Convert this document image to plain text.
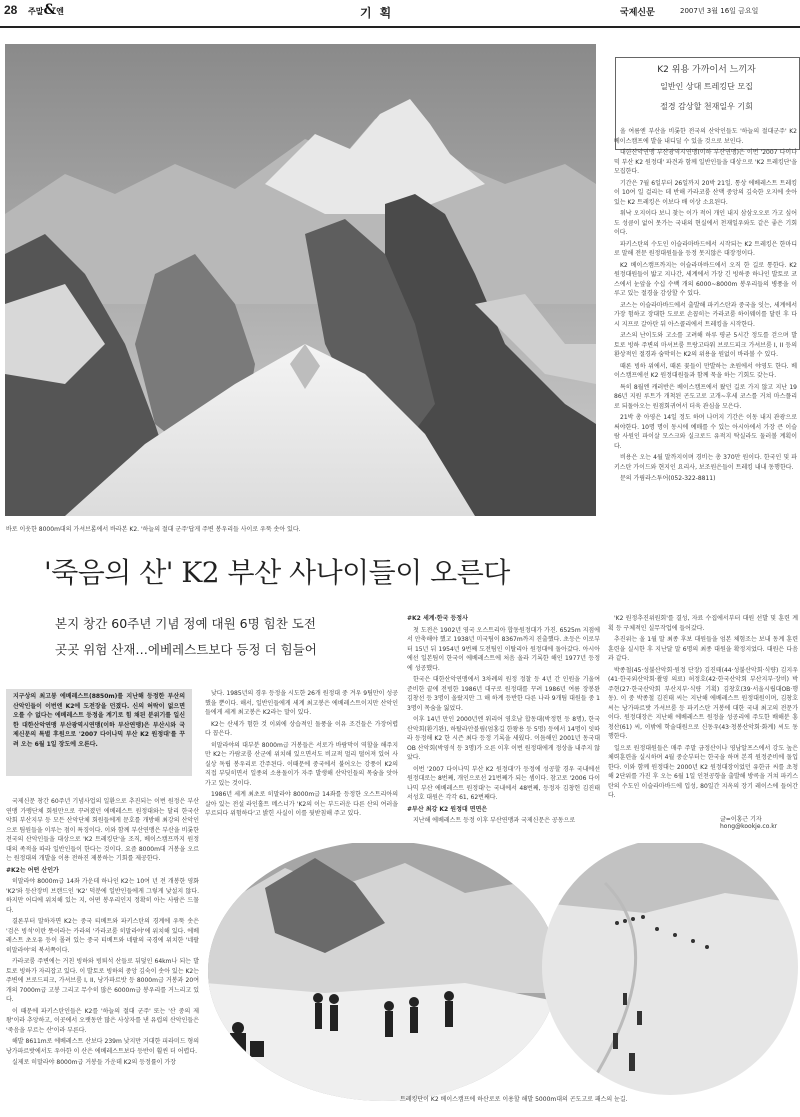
28 주말&엔	기획	국제신문	2007년 3월 16일 금요일
바로 이웃한 8000m대의 가셔브롬에서 바라본 K2. '하늘의 절대 군주'답게 주변 봉우리들 사이로 우뚝 솟아 있다.
K2 위용 가까이서 느끼자
일반인 상대 트레킹단 모집
절경 감상할 천재일우 기회

올 여름엔 부산을 비롯한 전국의 산악인들도 '하늘의 절대군주' K2 베이스캠프에 발을 내디딜 수 있을 것으로 보인다.

대한산악연맹 부산광역시연맹(이하 부산연맹)은 이번 '2007 다이나믹 부산 K2 원정대' 파견과 함께 일반인들을 대상으로 'K2 트레킹단'을 모집한다.

기간은 7월 6일부터 26일까지 20박 21일. 통상 에베레스트 트레킹이 10여 일 걸리는 데 반해 카라코룸 산맥 중앙의 깊숙한 오지에 솟아 있는 K2 트레킹은 이보다 배 이상 소요된다.

워낙 오지이다 보니 찾는 이가 적어 개인 내지 삼삼오오로 가고 싶어도 성큼이 없어 못가는 국내의 현실에서 천재일우와도 같은 좋은 기회이다.

파키스탄의 수도인 이슬라마바드에서 시작되는 K2 트레킹은 한마디로 말해 전문 원정대원들을 등정 못지않은 대장정이다.

K2 베이스캠프까지는 이슬라마바드에서 오직 한 길로 통한다. K2 원정대원들이 밟고 지나간, 세계에서 가장 긴 빙하중 하나인 발토로 코스에서 눈앞을 수십 수백 개의 6000~8000m 봉우리들의 병풍을 이루고 있는 절경을 감상할 수 있다.

코스는 이슬라마바드에서 출발해 파키스탄과 중국을 잇는, 세계에서 가장 험하고 장대한 도로로 손꼽히는 카라코룸 하이웨이를 달린 후 다시 지프로 갈아탄 뒤 아스콜리에서 트레킹을 시작한다.

코스의 난이도와 고소를 고려해 하루 평균 5시간 정도를 걷으며 발토로 빙하 주변의 마셔브룸 트랑고타워 브로드피크 가셔브룸 I, II 등의 환상적인 절경과 숨막히는 K2의 위용을 원없이 바라볼 수 있다.

때론 빙하 위에서, 때론 꽃들이 만발하는 초원에서 야영도 한다. 베이스캠프에선 K2 원정대원들과 함께 묵을 하는 기회도 갖는다.

특히 8월엔 캐러반은 베이스캠프에서 왔던 길로 가지 않고 지난 1986년 지원 루트가 개척된 곤도고로 고개~후세 코스를 거쳐 마스플리로 되돌아오는 원점회귀여서 더욱 관심을 모은다.

21박 총 아영은 14일 정도 하며 나머지 기간은 이동 내지 관광으로 써야한다. 10명 명이 동시에 예매를 수 있는 아시아에서 가장 큰 이슬람 사원인 파이살 모스크와 실크로드 유적지 탁실라도 둘러볼 계획이다.

비용은 오는 4월 말까지이며 경비는 총 370만 원이다. 한국인 및 파키스탄 가이드와 현지인 요리사, 보조원은들이 트레킹 내내 동행한다.

문의 가림라스투어(052-322-8811)

'죽음의 산' K2 부산 사나이들이 오른다
본지 창간 60주년 기념 정예 대원 6명 힘찬 도전
곳곳 위험 산재…에베레스트보다 등정 더 힘들어
지구상의 최고봉 에베레스트(8850m)를 지난해 등정한 부산의 산악인들이 이번엔 K2에 도전장을 던졌다. 신의 허락이 없으면 오를 수 없다는 에베레스트 등정을 계기로 힘 채된 분위기를 일신한 대한산악연맹 부산광역시연맹(이하 부산연맹)은 부산시와 국제신문의 특별 후원으로 '2007 다이나믹 부산 K2 원정대'를 꾸려 오는 6월 1일 장도에 오른다.

국제신문 창간 60주년 기념사업의 일환으로 추진되는 이번 원정은 부산연맹 가맹단체 회원만으로 꾸려졌던 에베레스트 원정대와는 달리 한국산악회 부산지부 등 모든 산악단체 회원들에게 문호를 개방해 최강의 산악인으로 팀원들을 이루는 점이 특징이다. 이와 함께 부산연맹은 부산을 비롯한 전국의 산악인들을 대상으로 'K2 트레킹단'을 조직, 베이스캠프까지 원정대의 족적을 따라 일반인들이 한다는 것이다. 요즘 8000m대 거봉을 오르는 원정대의 개발을 이용 전하진 제봉하는 기회를 제공한다.

#K2는 어떤 산인가

히말라야 8000m급 14좌 가운데 하나인 K2는 10여 년 전 개봉한 영화 'K2'와 등산장비 브랜드인 'K2' 덕분에 일반인들에게 그렇게 낯설지 않다. 하지만 어디에 위치해 있는 지, 어떤 봉우리인지 정확히 아는 사람은 드물다.

결론부터 말하자면 K2는 중국 티베트와 파키스탄의 경계에 우뚝 솟은 '검은 빙석'이란 뜻이라는 카라의 '카라코룸 히말라야'에 위치해 있다. 에베레스트 초오유 등이 몰려 있는 중국 티베트와 네팔의 국경에 위치한 '네팔 히말라야'의 북서쪽이다.

카라코룸 주변에는 거친 빙하와 빙퇴석 산들로 뒤덮인 64km나 되는 발토로 빙하가 자리잡고 있다. 이 발토로 빙하의 중앙 깊숙이 솟아 있는 K2는 주변에 브로드피크, 가셔브룸 I, II, 낭가파르밧 등 8000m급 거봉과 20여 개의 7000m급 고봉 그리고 무수히 많은 6000m급 봉우리를 거느리고 있다.

이 때문에 파키스탄인들은 K2를 '하늘의 절대 군주' 또는 '산 중의 제왕'이라 추앙하고, 이곳에서 오랫동안 많은 사상자를 낸 유럽의 산악인들은 '죽음을 부르는 산'이라 부른다.

해발 8611m로 에베레스트 산보다 239m 낮지만 거대한 피라미드 형의 낭가파르밧에서도 우아한 이 산은 에베레스트보다 등반이 훨씬 더 어렵다.

실제로 히말라야 8000m급 거봉들 가운데 K2의 등정률이 가장

낮다. 1985년의 경우 등정을 시도한 26개 원정대 중 겨우 9팀만이 성공했을 뿐이다. 해서, 일반인들에게 세계 최고봉은 에베레스트이지만 산악인들에게 세계 최고봉은 K2라는 말이 있다.

K2는 산세가 험한 것 이외에 상습적인 돌풍을 이유 조건들은 가장어렵다 꼽은다.

히말라야의 대부분 8000m급 거봉들은 서로가 바람막이 역할을 해주지만 K2는 카람코룸 산군에 위치해 있으면서도 비교적 멀리 떨어져 있어 사실상 독립 봉우리로 간주된다. 이때문에 중국에서 불어오는 강풍이 K2의 직접 부딪히면서 일종의 소용돌이가 자주 발생해 산악인들의 목숨을 앗아가고 있는 것이다.

1986년 세계 최초로 히말라야 8000m급 14좌를 등정한 오스트리아의 살아 있는 전설 라인홀트 메스너가 'K2의 이는 부드러운 다른 산의 여러을 부르되다 위험하다'고 밝힌 사실이 이를 뒷받침해 주고 있다.

#K2 세계·한국 등정사

첫 도전은 1902년 영국 오스트리아 합동원정대가 가진. 6525m 지점에서 안축해야 했고 1938년 미국팀이 8367m까지 진출했다. 초등은 이로부터 15년 뒤 1954년 9번째 도전팀인 이탈리아 원정대에 돌아갔다. 아시아에선 일본팀이 한국이 에베레스트에 처음 올라 기록한 해인 1977년 등정에 성공했다.

한국은 대한산악연맹에서 3차례의 원정 정찰 등 4년 간 인원을 기울여 준비한 끝에 전빙한 1986년 대구로 원정대를 꾸려 1986년 여름 장봉완 김창선 등 3명이 올랐지만 그 해 하계 등반한 다른 나라 9개팀 대원들 중 13명이 목숨을 잃었다.

이후 14년 만인 2000년엔 워리어 영호남 합동대(박정헌 등 8명), 한국산악회(환기완), 하탈라안블림(엄홍길 한왕용 등 5명) 등에서 14명이 잇따라 등정해 K2 한 시즌 최다 등정 기록을 세웠다. 이듬해인 2001년 동국대OB 산악회(박영석 등 3명)가 오른 이후 이번 원정대에게 정상을 내주지 않았다.

이번 '2007 다이나믹 부산 K2 원정대'가 등정에 성공할 경우 국내에선 원정대로는 8번째, 개인으로선 21번째가 되는 셈이다. 참고로 '2006 다이나믹 부산 에베레스트 원정대'는 국내에서 48번째, 등정자 김창헌 김진태 서성호 대원은 각각 61, 62번째다.

#부산 최강 K2 원정대 면면은

지난해 에베레스트 등정 이후 부산연맹과 국제신문은 공동으로

'K2 원정추진위원회'를 결성, 자료 수집에서부터 대원 선발 및 훈련 계획 등 구체적인 실무작업에 들어갔다.

추진위는 올 1월 말 최종 후보 대원들을 엄본 체험조는 보내 동계 훈련훈련을 실시한 후 지난달 말 6명의 최종 대원을 확정지었다. 대원은 다음과 같다.

박종철(45·성불산악회·원정 단장) 김진태(44·성불산악회·식량) 김지우(41·한국외산악회·촬영 의료) 허정호(42·한국산악회 부산지부·장비) 박주현(27·한국산악회 부산지부·식량 기획) 김창호(39·서울시립대OB·행동). 이 중 박종철 김진태 씨는 지난해 에베레스트 원정대원이며, 김창호 씨는 낭가파르밧 가셔브룸 등 파키스탄 거봉에 대한 국내 최고의 전문가이다. 원정대장은 지난해 에베레스트 원정을 성공리에 주도한 배해분 흥청산(61) 씨, 이밖에 학술대원으로 신동우(43·청봉산악회·화계) 씨도 동행한다.

일으로 원정대원들은 매주 주말 금정산이나 영남알프스에서 강도 높은 체력훈련을 실시하며 4월 중순부터는 한국을 하며 본격 원정준비에 돌입한다. 이와 함께 원정대는 2000년 K2 원정대장이었던 유한규 씨를 초청해 2단위를 가진 후 오는 6월 1일 인천공항을 출발해 방콕을 거쳐 파키스탄의 수도인 이슬라마바드에 입성, 80일간 지옥의 장기 레이스에 들어간다.

글=이홍근 기자 hong@kookje.co.kr
트레킹단이 K2 베이스캠프에 하산로로 이용할 해발 5000m대의 곤도고로 패스의 눈길.
